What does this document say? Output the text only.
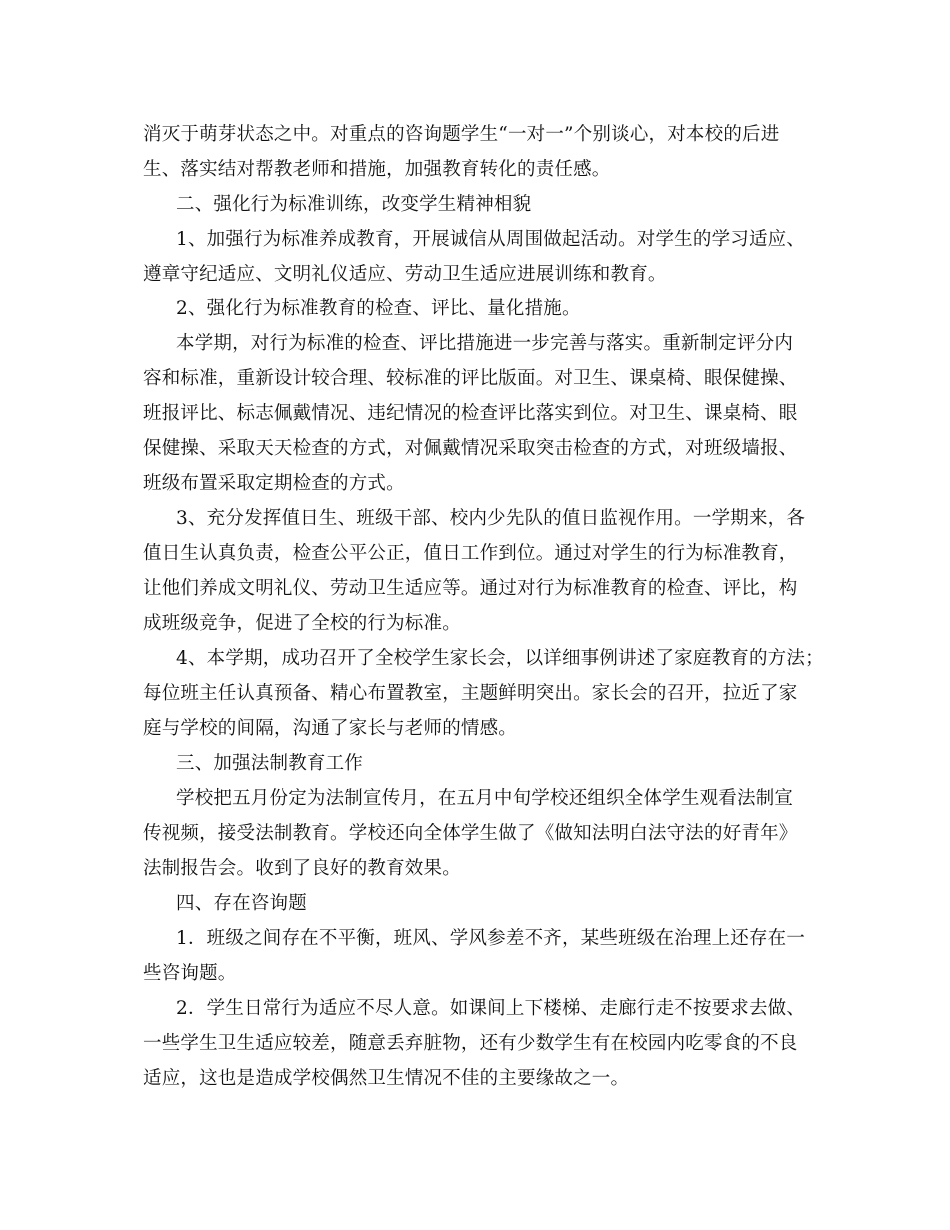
消灭于萌芽状态之中。对重点的咨询题学生“一对一”个别谈心，对本校的后进
生、落实结对帮教老师和措施，加强教育转化的责任感。
二、强化行为标准训练，改变学生精神相貌
1、加强行为标准养成教育，开展诚信从周围做起活动。对学生的学习适应、
遵章守纪适应、文明礼仪适应、劳动卫生适应进展训练和教育。
2、强化行为标准教育的检查、评比、量化措施。
本学期，对行为标准的检查、评比措施进一步完善与落实。重新制定评分内
容和标准，重新设计较合理、较标准的评比版面。对卫生、课桌椅、眼保健操、
班报评比、标志佩戴情况、违纪情况的检查评比落实到位。对卫生、课桌椅、眼
保健操、采取天天检查的方式，对佩戴情况采取突击检查的方式，对班级墙报、
班级布置采取定期检查的方式。
3、充分发挥值日生、班级干部、校内少先队的值日监视作用。一学期来，各
值日生认真负责，检查公平公正，值日工作到位。通过对学生的行为标准教育，
让他们养成文明礼仪、劳动卫生适应等。通过对行为标准教育的检查、评比，构
成班级竞争，促进了全校的行为标准。
4、本学期，成功召开了全校学生家长会，以详细事例讲述了家庭教育的方法；
每位班主任认真预备、精心布置教室，主题鲜明突出。家长会的召开，拉近了家
庭与学校的间隔，沟通了家长与老师的情感。
三、加强法制教育工作
学校把五月份定为法制宣传月，在五月中旬学校还组织全体学生观看法制宣
传视频，接受法制教育。学校还向全体学生做了《做知法明白法守法的好青年》
法制报告会。收到了良好的教育效果。
四、存在咨询题
1．班级之间存在不平衡，班风、学风参差不齐，某些班级在治理上还存在一
些咨询题。
2．学生日常行为适应不尽人意。如课间上下楼梯、走廊行走不按要求去做、
一些学生卫生适应较差，随意丢弃脏物，还有少数学生有在校园内吃零食的不良
适应，这也是造成学校偶然卫生情况不佳的主要缘故之一。
